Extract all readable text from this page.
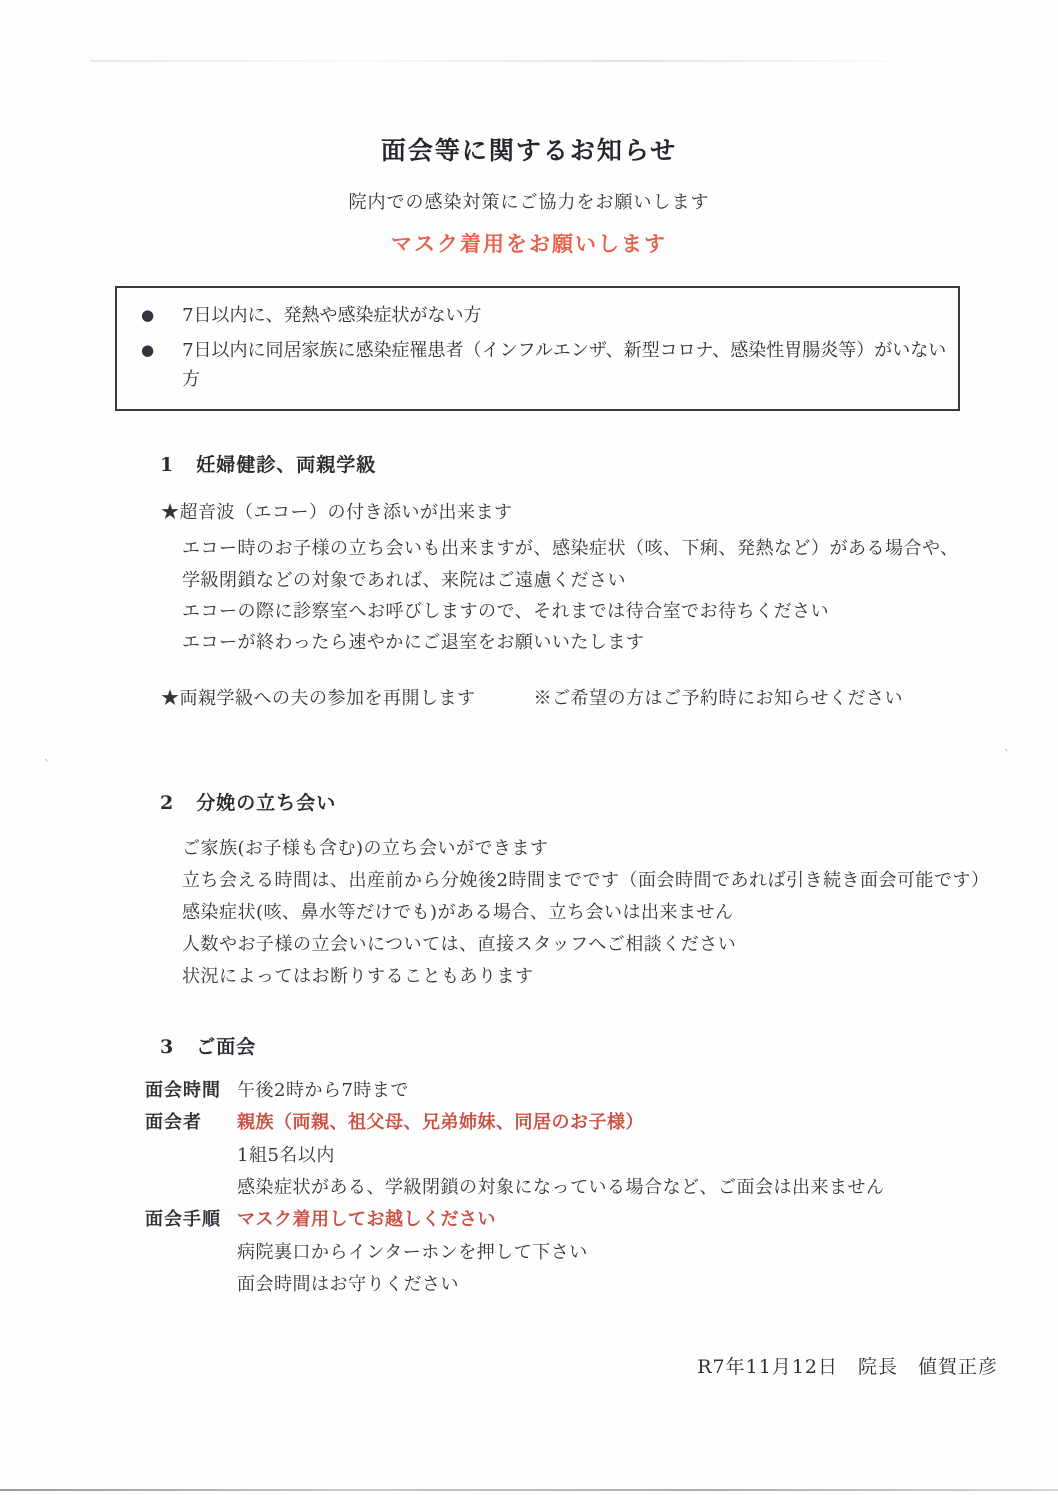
`
`
面会等に関するお知らせ
院内での感染対策にご協力をお願いします
マスク着用をお願いします
● 7日以内に、発熱や感染症状がない方
● 7日以内に同居家族に感染症罹患者（インフルエンザ、新型コロナ、感染性胃腸炎等）がいない方
1 妊婦健診、両親学級
★超音波（エコー）の付き添いが出来ます
エコー時のお子様の立ち会いも出来ますが、感染症状（咳、下痢、発熱など）がある場合や、
学級閉鎖などの対象であれば、来院はご遠慮ください
エコーの際に診察室へお呼びしますので、それまでは待合室でお待ちください
エコーが終わったら速やかにご退室をお願いいたします
★両親学級への夫の参加を再開します	※ご希望の方はご予約時にお知らせください
2 分娩の立ち会い
ご家族(お子様も含む)の立ち会いができます
立ち会える時間は、出産前から分娩後2時間までです（面会時間であれば引き続き面会可能です）
感染症状(咳、鼻水等だけでも)がある場合、立ち会いは出来ません
人数やお子様の立会いについては、直接スタッフへご相談ください
状況によってはお断りすることもあります
3 ご面会
面会時間 午後2時から7時まで
面会者 親族（両親、祖父母、兄弟姉妹、同居のお子様）
1組5名以内
感染症状がある、学級閉鎖の対象になっている場合など、ご面会は出来ません
面会手順 マスク着用してお越しください
病院裏口からインターホンを押して下さい
面会時間はお守りください
R7年11月12日　院長　値賀正彦
